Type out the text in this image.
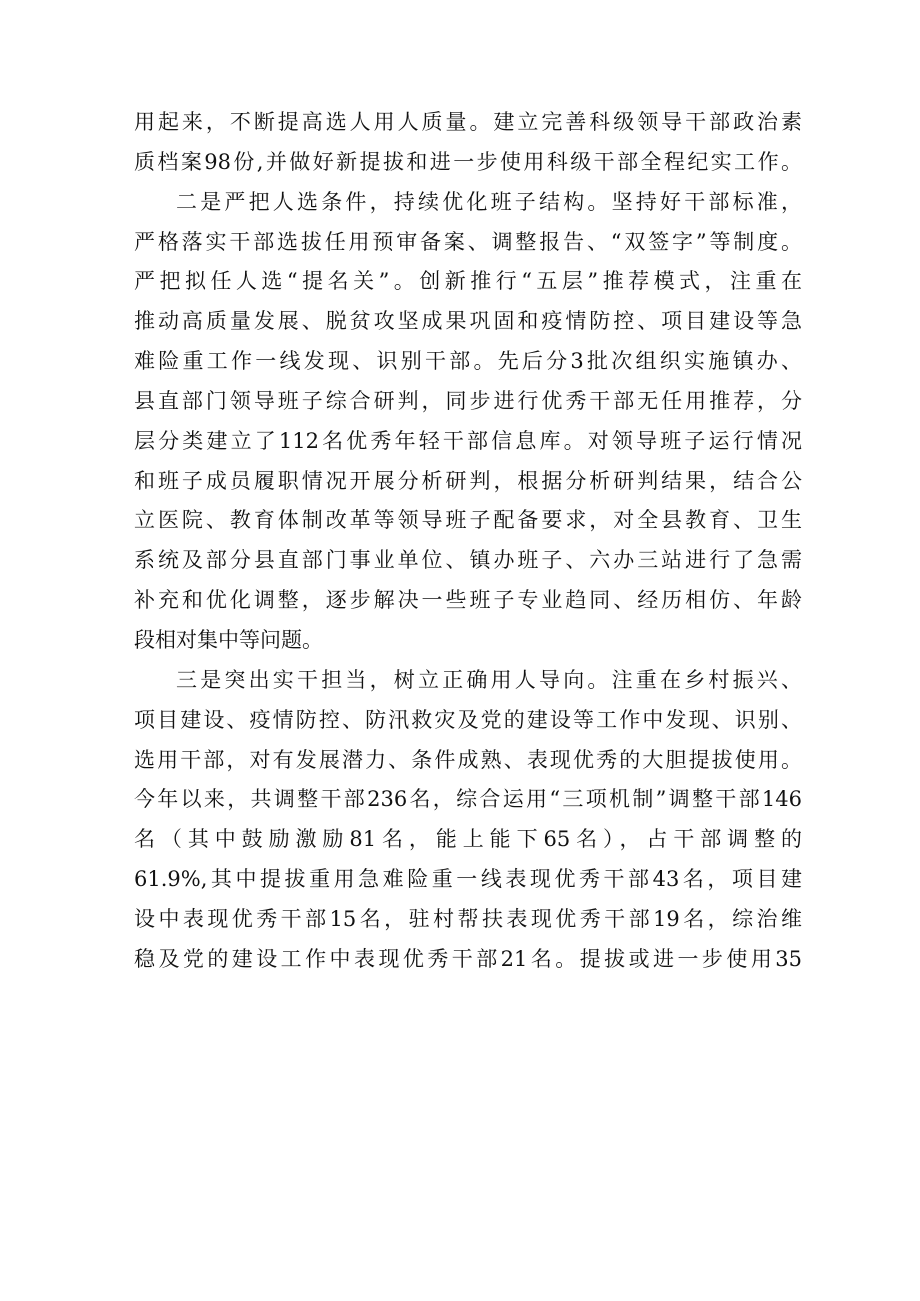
用起来，不断提高选人用人质量。建立完善科级领导干部政治素
质档案98份,并做好新提拔和进一步使用科级干部全程纪实工作。
二是严把人选条件，持续优化班子结构。坚持好干部标准，
严格落实干部选拔任用预审备案、调整报告、“双签字”等制度。
严把拟任人选“提名关”。创新推行“五层”推荐模式，注重在
推动高质量发展、脱贫攻坚成果巩固和疫情防控、项目建设等急
难险重工作一线发现、识别干部。先后分3批次组织实施镇办、
县直部门领导班子综合研判，同步进行优秀干部无任用推荐，分
层分类建立了112名优秀年轻干部信息库。对领导班子运行情况
和班子成员履职情况开展分析研判，根据分析研判结果，结合公
立医院、教育体制改革等领导班子配备要求，对全县教育、卫生
系统及部分县直部门事业单位、镇办班子、六办三站进行了急需
补充和优化调整，逐步解决一些班子专业趋同、经历相仿、年龄
段相对集中等问题。
三是突出实干担当，树立正确用人导向。注重在乡村振兴、
项目建设、疫情防控、防汛救灾及党的建设等工作中发现、识别、
选用干部，对有发展潜力、条件成熟、表现优秀的大胆提拔使用。
今年以来，共调整干部236名，综合运用“三项机制”调整干部146
名（其中鼓励激励81名，能上能下65名），占干部调整的
61.9%,其中提拔重用急难险重一线表现优秀干部43名，项目建
设中表现优秀干部15名，驻村帮扶表现优秀干部19名，综治维
稳及党的建设工作中表现优秀干部21名。提拔或进一步使用35
